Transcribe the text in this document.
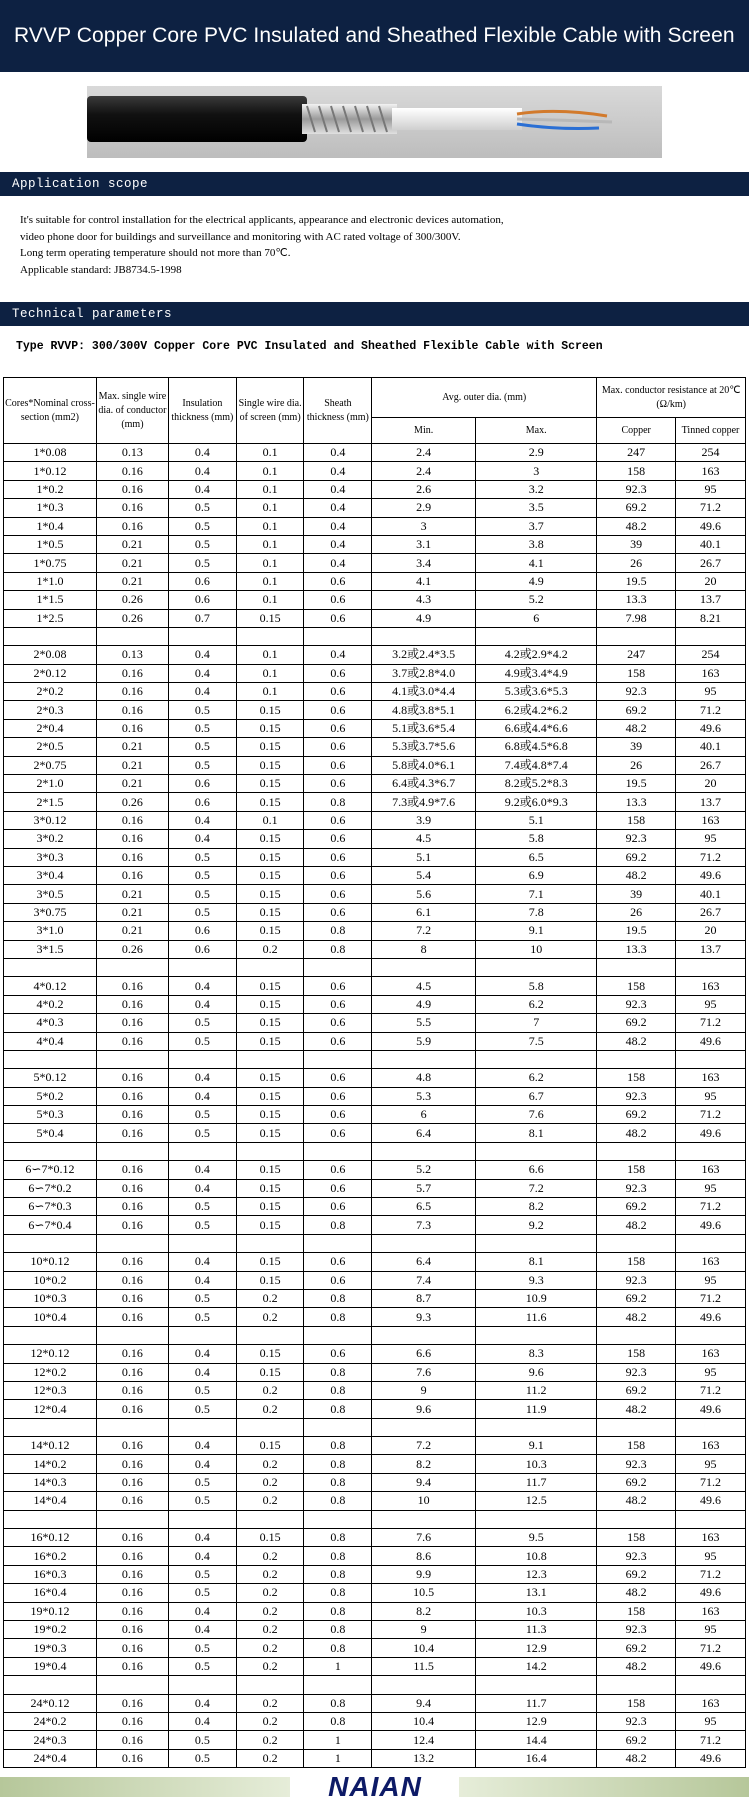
RVVP Copper Core PVC Insulated and Sheathed Flexible Cable with Screen
Application scope

It's suitable for control installation for the electrical applicants, appearance and electronic devices automation,

video phone door for buildings and surveillance and monitoring with AC rated voltage of 300/300V.

Long term operating temperature should not more than 70℃.

Applicable standard: JB8734.5-1998

Technical parameters
Type RVVP: 300/300V Copper Core PVC Insulated and Sheathed Flexible Cable with Screen
Cores*Nominal cross-section (mm2)	Max. single wire dia. of conductor (mm)	Insulation thickness (mm)	Single wire dia. of screen (mm)	Sheath thickness (mm)	Avg. outer dia. (mm)		Max. conductor resistance at 20℃ (Ω/km)	
					Min.	Max.	Copper	Tinned copper
1*0.08	0.13	0.4	0.1	0.4	2.4	2.9	247	254
1*0.12	0.16	0.4	0.1	0.4	2.4	3	158	163
1*0.2	0.16	0.4	0.1	0.4	2.6	3.2	92.3	95
1*0.3	0.16	0.5	0.1	0.4	2.9	3.5	69.2	71.2
1*0.4	0.16	0.5	0.1	0.4	3	3.7	48.2	49.6
1*0.5	0.21	0.5	0.1	0.4	3.1	3.8	39	40.1
1*0.75	0.21	0.5	0.1	0.4	3.4	4.1	26	26.7
1*1.0	0.21	0.6	0.1	0.6	4.1	4.9	19.5	20
1*1.5	0.26	0.6	0.1	0.6	4.3	5.2	13.3	13.7
1*2.5	0.26	0.7	0.15	0.6	4.9	6	7.98	8.21

2*0.08	0.13	0.4	0.1	0.4	3.2或2.4*3.5	4.2或2.9*4.2	247	254
2*0.12	0.16	0.4	0.1	0.6	3.7或2.8*4.0	4.9或3.4*4.9	158	163
2*0.2	0.16	0.4	0.1	0.6	4.1或3.0*4.4	5.3或3.6*5.3	92.3	95
2*0.3	0.16	0.5	0.15	0.6	4.8或3.8*5.1	6.2或4.2*6.2	69.2	71.2
2*0.4	0.16	0.5	0.15	0.6	5.1或3.6*5.4	6.6或4.4*6.6	48.2	49.6
2*0.5	0.21	0.5	0.15	0.6	5.3或3.7*5.6	6.8或4.5*6.8	39	40.1
2*0.75	0.21	0.5	0.15	0.6	5.8或4.0*6.1	7.4或4.8*7.4	26	26.7
2*1.0	0.21	0.6	0.15	0.6	6.4或4.3*6.7	8.2或5.2*8.3	19.5	20
2*1.5	0.26	0.6	0.15	0.8	7.3或4.9*7.6	9.2或6.0*9.3	13.3	13.7
3*0.12	0.16	0.4	0.1	0.6	3.9	5.1	158	163
3*0.2	0.16	0.4	0.15	0.6	4.5	5.8	92.3	95
3*0.3	0.16	0.5	0.15	0.6	5.1	6.5	69.2	71.2
3*0.4	0.16	0.5	0.15	0.6	5.4	6.9	48.2	49.6
3*0.5	0.21	0.5	0.15	0.6	5.6	7.1	39	40.1
3*0.75	0.21	0.5	0.15	0.6	6.1	7.8	26	26.7
3*1.0	0.21	0.6	0.15	0.8	7.2	9.1	19.5	20
3*1.5	0.26	0.6	0.2	0.8	8	10	13.3	13.7

4*0.12	0.16	0.4	0.15	0.6	4.5	5.8	158	163
4*0.2	0.16	0.4	0.15	0.6	4.9	6.2	92.3	95
4*0.3	0.16	0.5	0.15	0.6	5.5	7	69.2	71.2
4*0.4	0.16	0.5	0.15	0.6	5.9	7.5	48.2	49.6

5*0.12	0.16	0.4	0.15	0.6	4.8	6.2	158	163
5*0.2	0.16	0.4	0.15	0.6	5.3	6.7	92.3	95
5*0.3	0.16	0.5	0.15	0.6	6	7.6	69.2	71.2
5*0.4	0.16	0.5	0.15	0.6	6.4	8.1	48.2	49.6

6∽7*0.12	0.16	0.4	0.15	0.6	5.2	6.6	158	163
6∽7*0.2	0.16	0.4	0.15	0.6	5.7	7.2	92.3	95
6∽7*0.3	0.16	0.5	0.15	0.6	6.5	8.2	69.2	71.2
6∽7*0.4	0.16	0.5	0.15	0.8	7.3	9.2	48.2	49.6

10*0.12	0.16	0.4	0.15	0.6	6.4	8.1	158	163
10*0.2	0.16	0.4	0.15	0.6	7.4	9.3	92.3	95
10*0.3	0.16	0.5	0.2	0.8	8.7	10.9	69.2	71.2
10*0.4	0.16	0.5	0.2	0.8	9.3	11.6	48.2	49.6

12*0.12	0.16	0.4	0.15	0.6	6.6	8.3	158	163
12*0.2	0.16	0.4	0.15	0.8	7.6	9.6	92.3	95
12*0.3	0.16	0.5	0.2	0.8	9	11.2	69.2	71.2
12*0.4	0.16	0.5	0.2	0.8	9.6	11.9	48.2	49.6

14*0.12	0.16	0.4	0.15	0.8	7.2	9.1	158	163
14*0.2	0.16	0.4	0.2	0.8	8.2	10.3	92.3	95
14*0.3	0.16	0.5	0.2	0.8	9.4	11.7	69.2	71.2
14*0.4	0.16	0.5	0.2	0.8	10	12.5	48.2	49.6

16*0.12	0.16	0.4	0.15	0.8	7.6	9.5	158	163
16*0.2	0.16	0.4	0.2	0.8	8.6	10.8	92.3	95
16*0.3	0.16	0.5	0.2	0.8	9.9	12.3	69.2	71.2
16*0.4	0.16	0.5	0.2	0.8	10.5	13.1	48.2	49.6
19*0.12	0.16	0.4	0.2	0.8	8.2	10.3	158	163
19*0.2	0.16	0.4	0.2	0.8	9	11.3	92.3	95
19*0.3	0.16	0.5	0.2	0.8	10.4	12.9	69.2	71.2
19*0.4	0.16	0.5	0.2	1	11.5	14.2	48.2	49.6

24*0.12	0.16	0.4	0.2	0.8	9.4	11.7	158	163
24*0.2	0.16	0.4	0.2	0.8	10.4	12.9	92.3	95
24*0.3	0.16	0.5	0.2	1	12.4	14.4	69.2	71.2
24*0.4	0.16	0.5	0.2	1	13.2	16.4	48.2	49.6
NAIAN
